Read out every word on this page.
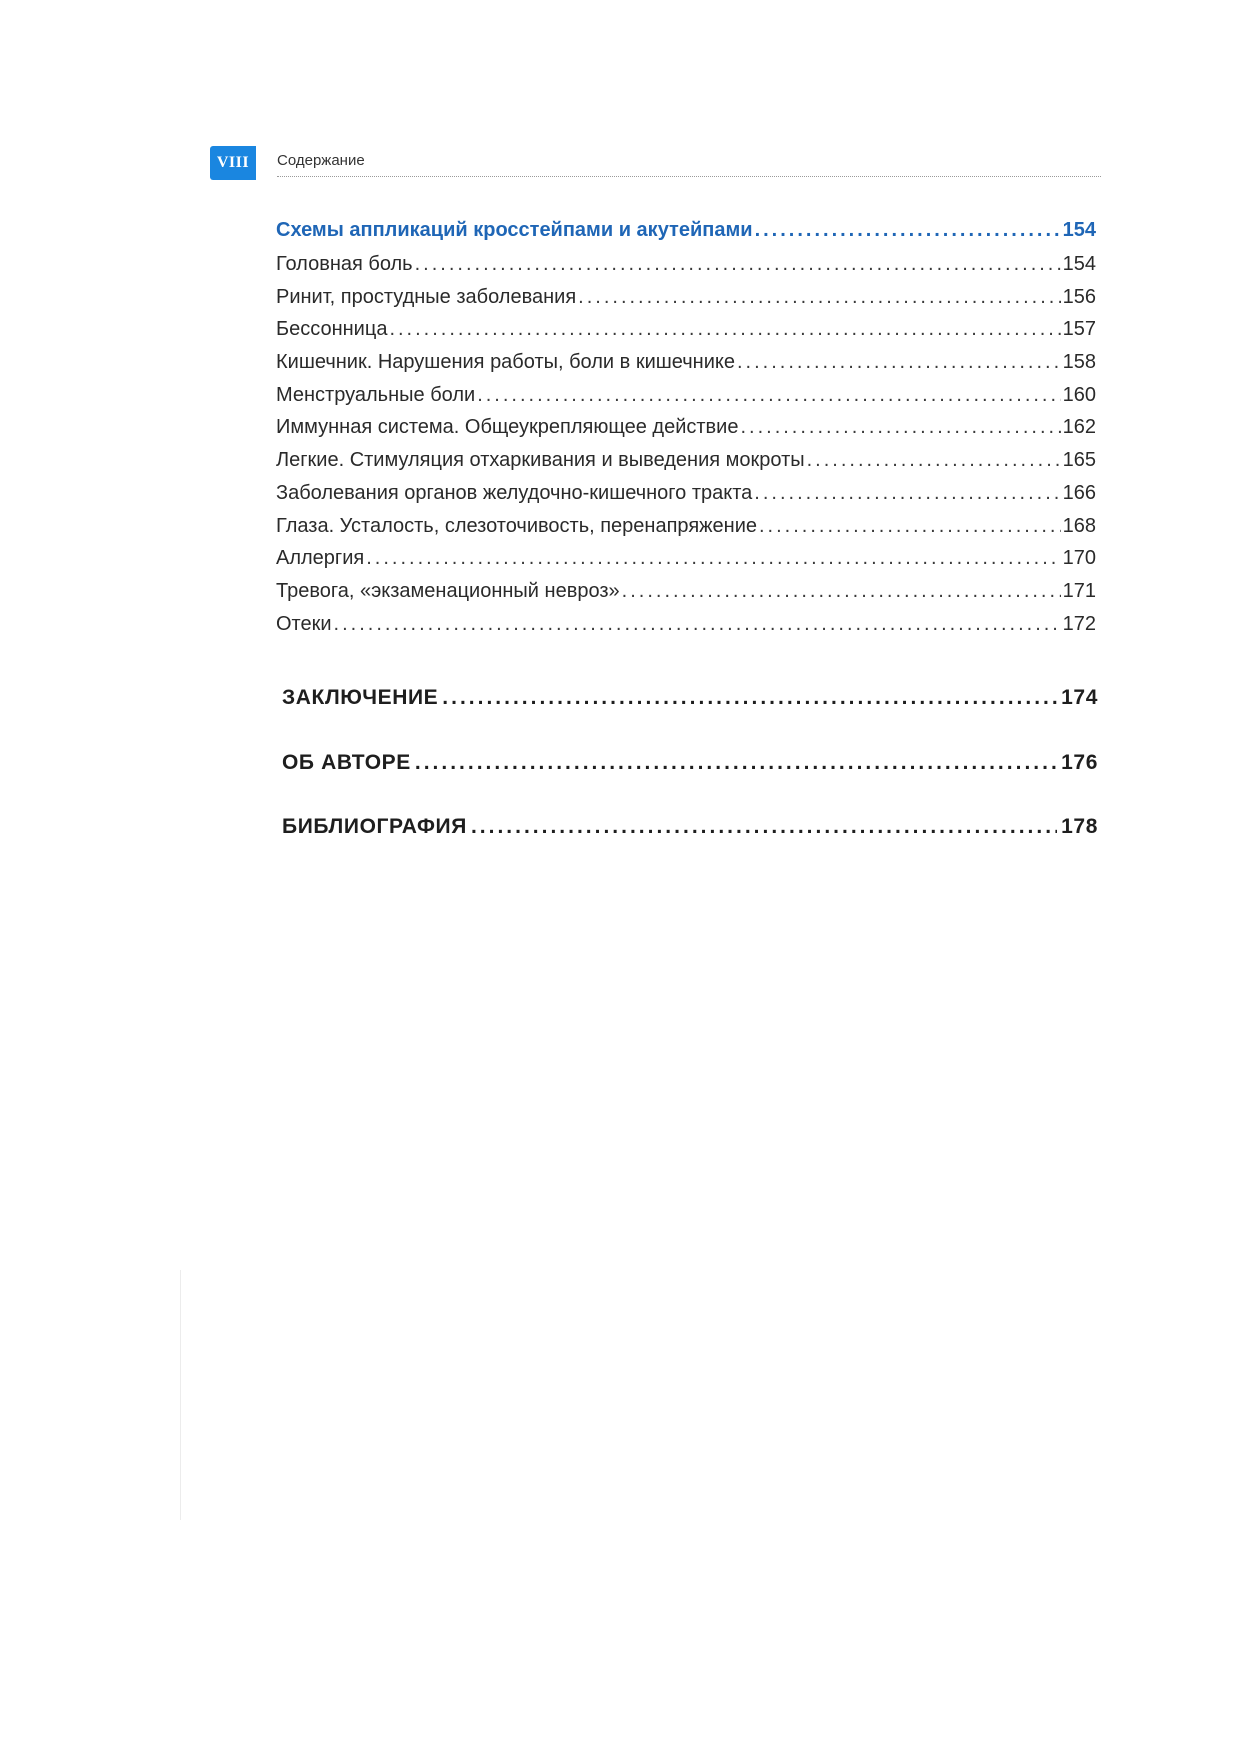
VIII	Содержание
Схемы аппликаций кросстейпами и акутейпами .....	154
Головная боль .....	154
Ринит, простудные заболевания .....	156
Бессонница .....	157
Кишечник. Нарушения работы, боли в кишечнике .....	158
Менструальные боли .....	160
Иммунная система. Общеукрепляющее действие .....	162
Легкие. Стимуляция отхаркивания и выведения мокроты .....	165
Заболевания органов желудочно-кишечного тракта .....	166
Глаза. Усталость, слезоточивость, перенапряжение .....	168
Аллергия .....	170
Тревога, «экзаменационный невроз» .....	171
Отеки .....	172
ЗАКЛЮЧЕНИЕ .....	174
ОБ АВТОРЕ .....	176
БИБЛИОГРАФИЯ .....	178
